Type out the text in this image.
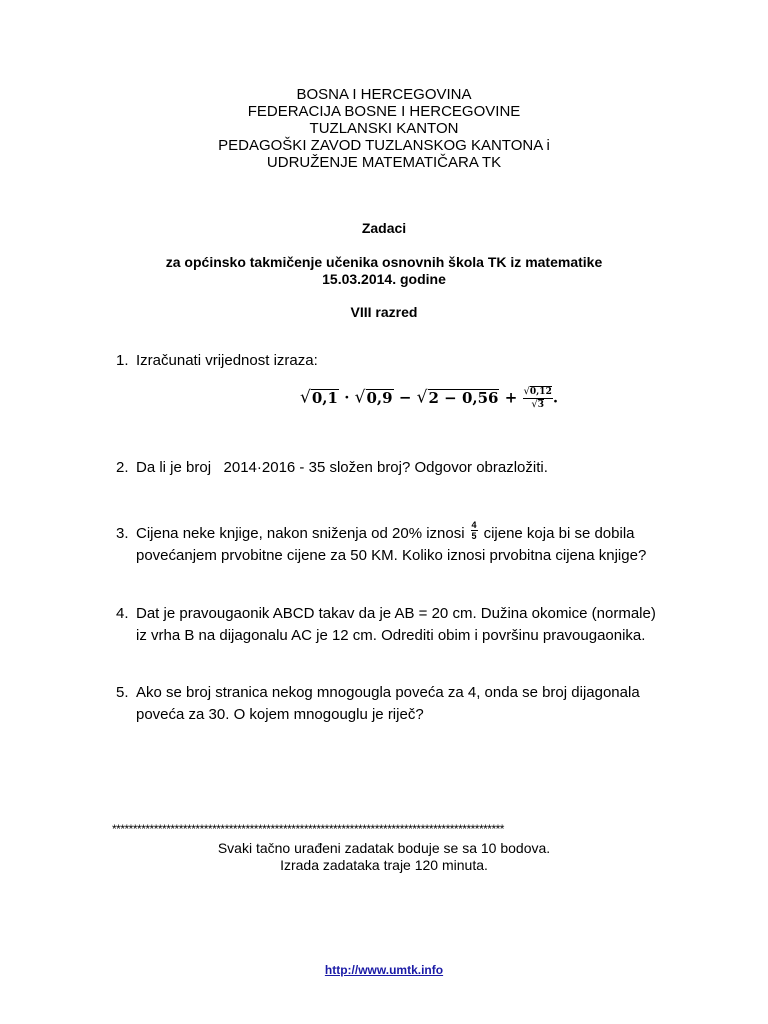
BOSNA I HERCEGOVINA
FEDERACIJA BOSNE I HERCEGOVINE
TUZLANSKI KANTON
PEDAGOŠKI ZAVOD TUZLANSKOG KANTONA i
UDRUŽENJE MATEMATIČARA TK
Zadaci
za općinsko takmičenje učenika osnovnih škola TK iz matematike
15.03.2014. godine
VIII razred
1. Izračunati vrijednost izraza:
$√0,1 \cdot √0,9 - √2 - 0,56 + \frac{√0,12}{√3}$ .
2. Da li je broj   2014·2016 - 35 složen broj? Odgovor obrazložiti.
3. Cijena neke knjige, nakon sniženja od 20% iznosi $\frac{4}{5}$ cijene koja bi se dobila
povećanjem prvobitne cijene za 50 KM. Koliko iznosi prvobitna cijena knjige?
4. Dat je pravougaonik ABCD takav da je AB = 20 cm. Dužina okomice (normale)
iz vrha B na dijagonalu AC je 12 cm. Odrediti obim i površinu pravougaonika.
5. Ako se broj stranica nekog mnogougla poveća za 4, onda se broj dijagonala
poveća za 30. O kojem mnogouglu je riječ?
**********************************************************************************************
Svaki tačno urađeni zadatak boduje se sa 10 bodova.
Izrada zadataka traje 120 minuta.
http://www.umtk.info
